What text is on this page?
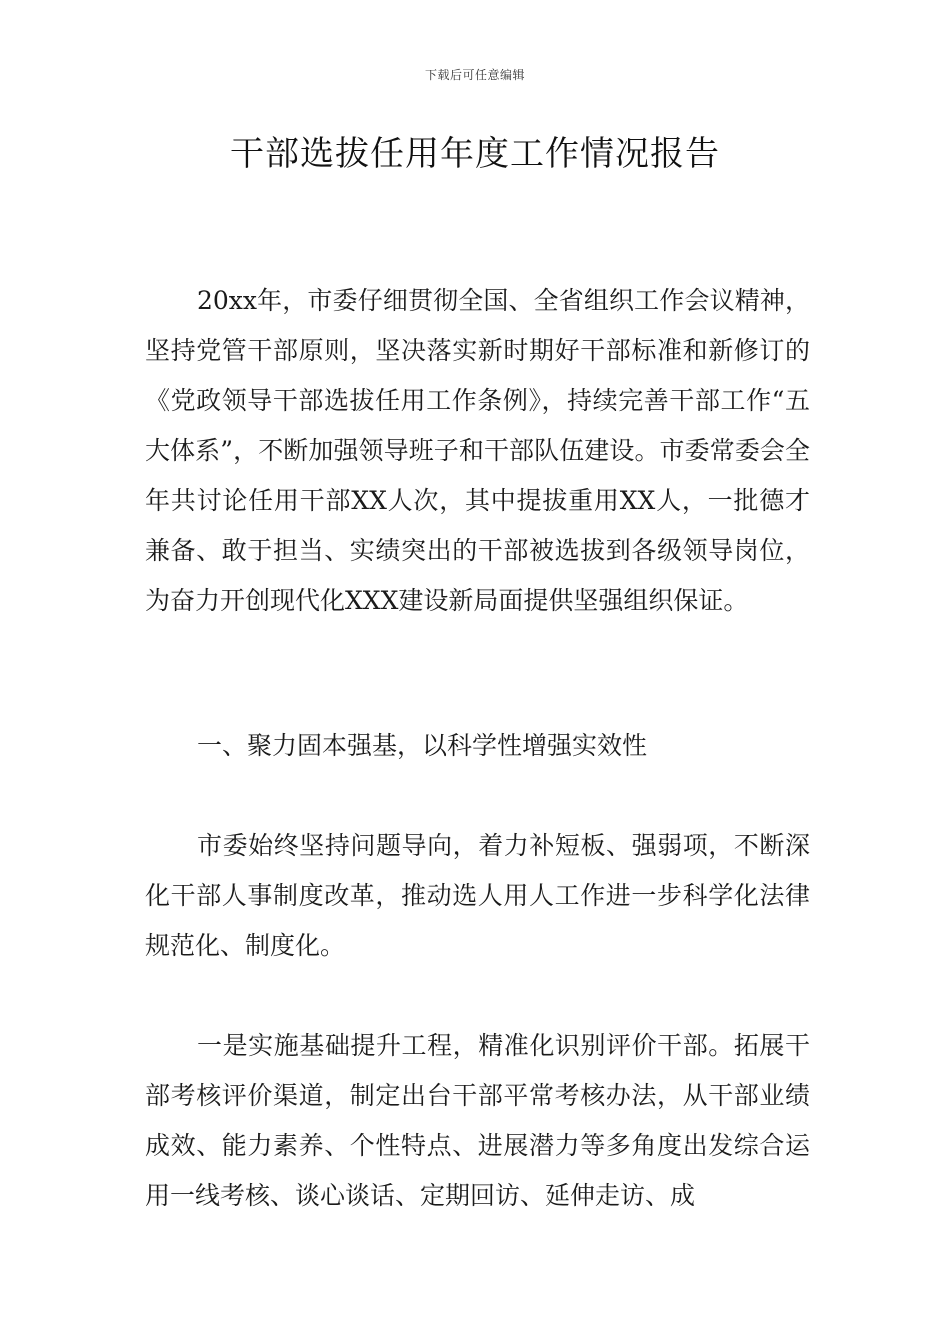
下载后可任意编辑
干部选拔任用年度工作情况报告

20xx年，市委仔细贯彻全国、全省组织工作会议精神，坚持党管干部原则，坚决落实新时期好干部标准和新修订的《党政领导干部选拔任用工作条例》，持续完善干部工作“五大体系”，不断加强领导班子和干部队伍建设。市委常委会全年共讨论任用干部XX人次，其中提拔重用XX人，一批德才兼备、敢于担当、实绩突出的干部被选拔到各级领导岗位，为奋力开创现代化XXX建设新局面提供坚强组织保证。

一、聚力固本强基，以科学性增强实效性

市委始终坚持问题导向，着力补短板、强弱项，不断深化干部人事制度改革，推动选人用人工作进一步科学化法律规范化、制度化。

一是实施基础提升工程，精准化识别评价干部。拓展干部考核评价渠道，制定出台干部平常考核办法，从干部业绩成效、能力素养、个性特点、进展潜力等多角度出发综合运用一线考核、谈心谈话、定期回访、延伸走访、成
